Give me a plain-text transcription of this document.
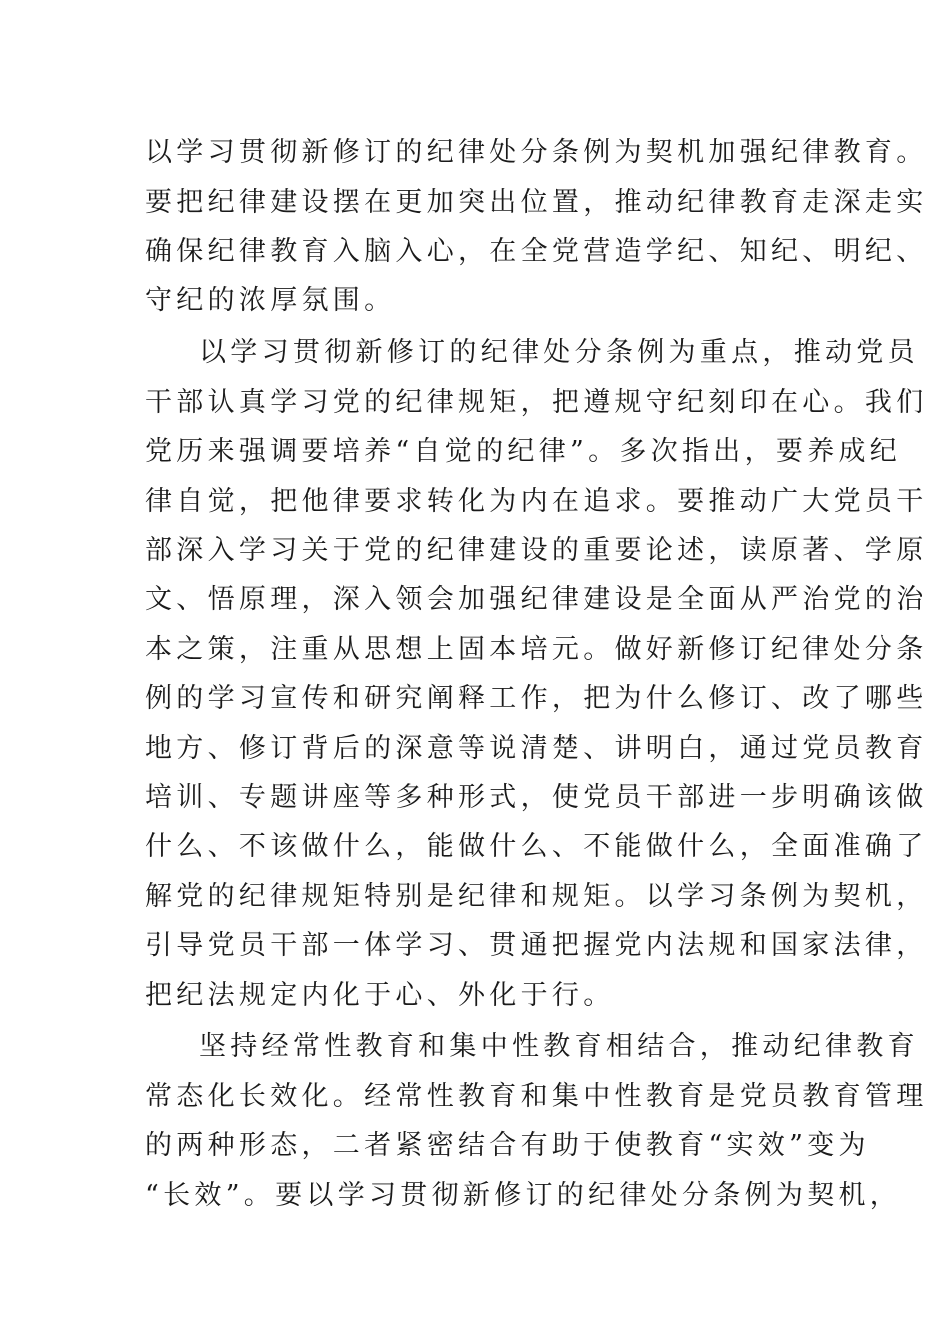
以学习贯彻新修订的纪律处分条例为契机加强纪律教育。
要把纪律建设摆在更加突出位置，推动纪律教育走深走实
确保纪律教育入脑入心，在全党营造学纪、知纪、明纪、
守纪的浓厚氛围。
以学习贯彻新修订的纪律处分条例为重点，推动党员
干部认真学习党的纪律规矩，把遵规守纪刻印在心。我们
党历来强调要培养“自觉的纪律”。多次指出，要养成纪
律自觉，把他律要求转化为内在追求。要推动广大党员干
部深入学习关于党的纪律建设的重要论述，读原著、学原
文、悟原理，深入领会加强纪律建设是全面从严治党的治
本之策，注重从思想上固本培元。做好新修订纪律处分条
例的学习宣传和研究阐释工作，把为什么修订、改了哪些
地方、修订背后的深意等说清楚、讲明白，通过党员教育
培训、专题讲座等多种形式，使党员干部进一步明确该做
什么、不该做什么，能做什么、不能做什么，全面准确了
解党的纪律规矩特别是纪律和规矩。以学习条例为契机，
引导党员干部一体学习、贯通把握党内法规和国家法律，
把纪法规定内化于心、外化于行。
坚持经常性教育和集中性教育相结合，推动纪律教育
常态化长效化。经常性教育和集中性教育是党员教育管理
的两种形态，二者紧密结合有助于使教育“实效”变为
“长效”。要以学习贯彻新修订的纪律处分条例为契机，
